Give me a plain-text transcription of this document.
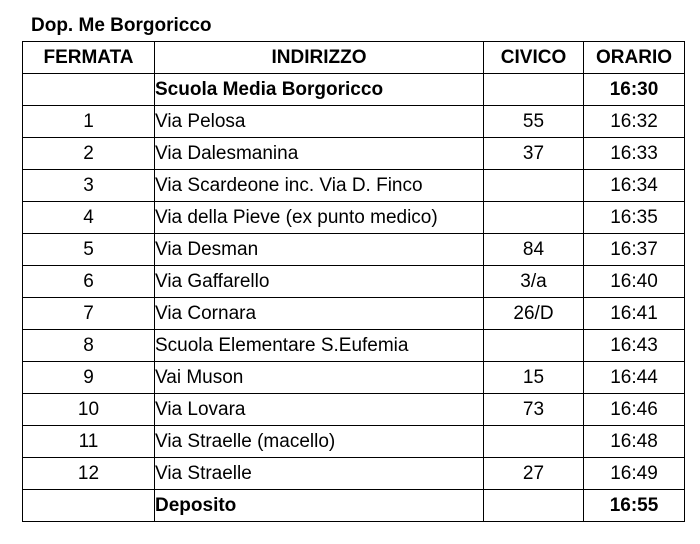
Dop. Me Borgoricco
FERMATA	INDIRIZZO	CIVICO	ORARIO
	Scuola Media Borgoricco		16:30
1	Via Pelosa	55	16:32
2	Via Dalesmanina	37	16:33
3	Via Scardeone inc. Via D. Finco		16:34
4	Via della Pieve (ex punto medico)		16:35
5	Via Desman	84	16:37
6	Via Gaffarello	3/a	16:40
7	Via Cornara	26/D	16:41
8	Scuola Elementare S.Eufemia		16:43
9	Vai Muson	15	16:44
10	Via Lovara	73	16:46
11	Via Straelle (macello)		16:48
12	Via Straelle	27	16:49
	Deposito		16:55
